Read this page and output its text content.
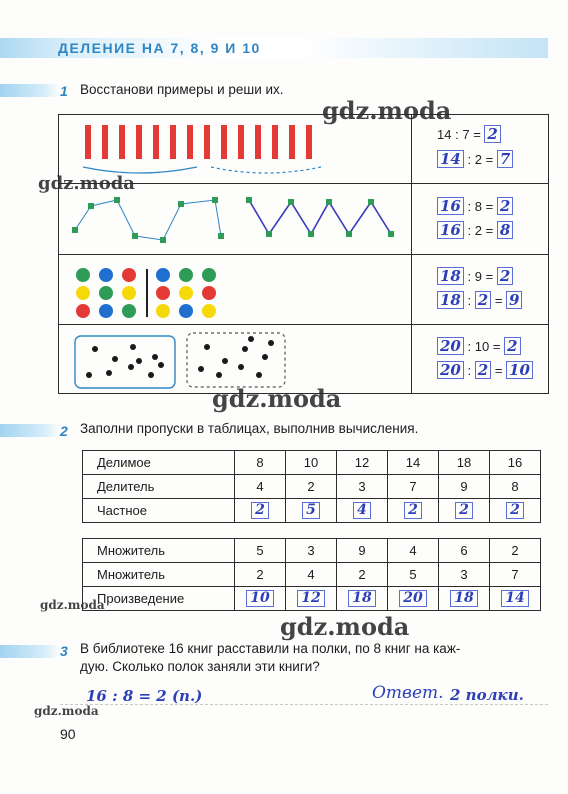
ДЕЛЕНИЕ НА 7, 8, 9 И 10
gdz.moda
gdz.moda
gdz.moda
gdz.moda
gdz.moda
gdz.moda
1 Восстанови примеры и реши их.
14 : 7 = 2
14 : 2 = 7
16 : 8 = 2
16 : 2 = 8
18 : 9 = 2
18 : 2 = 9
20 : 10 = 2
20 : 2 = 10
2 Заполни пропуски в таблицах, выполнив вычисления.
Делимое	8	10	12	14	18	16
Делитель	4	2	3	7	9	8
Частное	2	5	4	2	2	2
Множитель	5	3	9	4	6	2
Множитель	2	4	2	5	3	7
Произведение	10	12	18	20	18	14
3 В библиотеке 16 книг расставили на полки, по 8 книг на каж-
дую. Сколько полок заняли эти книги?
16 : 8 = 2 (п.)	Ответ. 2 полки.
90
